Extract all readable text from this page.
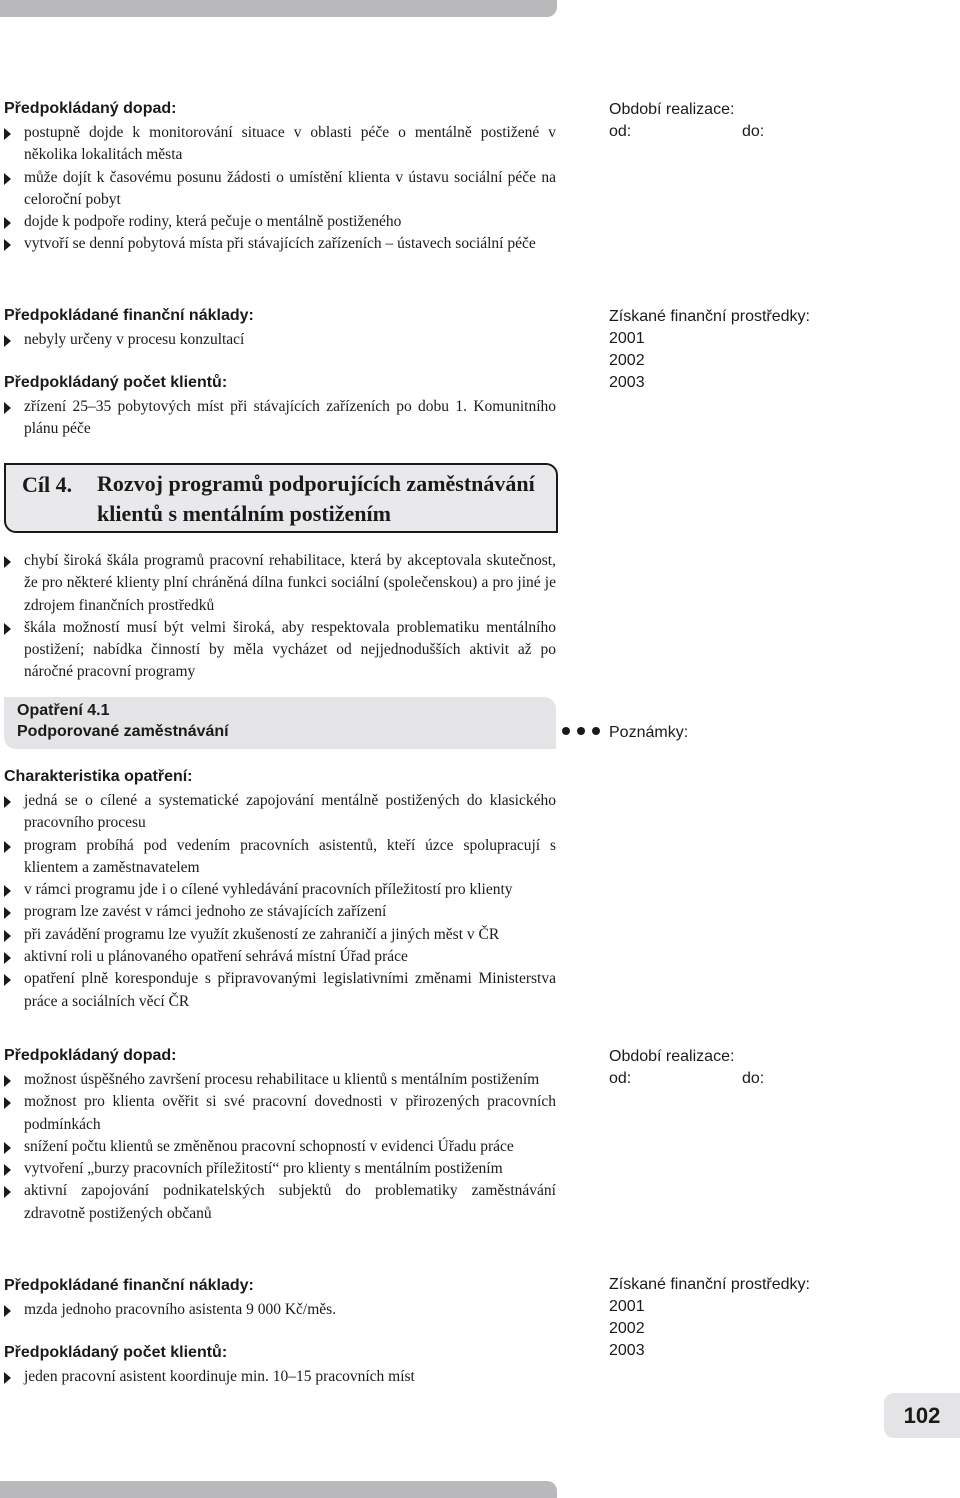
Předpokládaný dopad:
postupně dojde k monitorování situace v oblasti péče o mentálně postižené v několika lokalitách města
může dojít k časovému posunu žádosti o umístění klienta v ústavu sociální péče na celoroční pobyt
dojde k podpoře rodiny, která pečuje o mentálně postiženého
vytvoří se denní pobytová místa při stávajících zařízeních – ústavech sociální péče
Období realizace:
od:	do:
Předpokládané finanční náklady:
nebyly určeny v procesu konzultací
Získané finanční prostředky:
2001
2002
2003
Předpokládaný počet klientů:
zřízení 25–35 pobytových míst při stávajících zařízeních po dobu 1. Komunitního plánu péče
Cíl 4. Rozvoj programů podporujících zaměstnávání klientů s mentálním postižením
chybí široká škála programů pracovní rehabilitace, která by akceptovala skutečnost, že pro některé klienty plní chráněná dílna funkci sociální (společenskou) a pro jiné je zdrojem finančních prostředků
škála možností musí být velmi široká, aby respektovala problematiku mentálního postižení; nabídka činností by měla vycházet od nejjednodušších aktivit až po náročné pracovní programy
Opatření 4.1
Podporované zaměstnávání	Poznámky:
Charakteristika opatření:
jedná se o cílené a systematické zapojování mentálně postižených do klasického pracovního procesu
program probíhá pod vedením pracovních asistentů, kteří úzce spolupracují s klientem a zaměstnavatelem
v rámci programu jde i o cílené vyhledávání pracovních příležitostí pro klienty
program lze zavést v rámci jednoho ze stávajících zařízení
při zavádění programu lze využít zkušeností ze zahraničí a jiných měst v ČR
aktivní roli u plánovaného opatření sehrává místní Úřad práce
opatření plně koresponduje s připravovanými legislativními změnami Ministerstva práce a sociálních věcí ČR
Předpokládaný dopad:
možnost úspěšného završení procesu rehabilitace u klientů s mentálním postižením
možnost pro klienta ověřit si své pracovní dovednosti v přirozených pracovních podmínkách
snížení počtu klientů se změněnou pracovní schopností v evidenci Úřadu práce
vytvoření „burzy pracovních příležitostí“ pro klienty s mentálním postižením
aktivní zapojování podnikatelských subjektů do problematiky zaměstnávání zdravotně postižených občanů
Období realizace:
od:	do:
Předpokládané finanční náklady:
mzda jednoho pracovního asistenta 9 000 Kč/měs.
Získané finanční prostředky:
2001
2002
2003
Předpokládaný počet klientů:
jeden pracovní asistent koordinuje min. 10–15 pracovních míst
102
